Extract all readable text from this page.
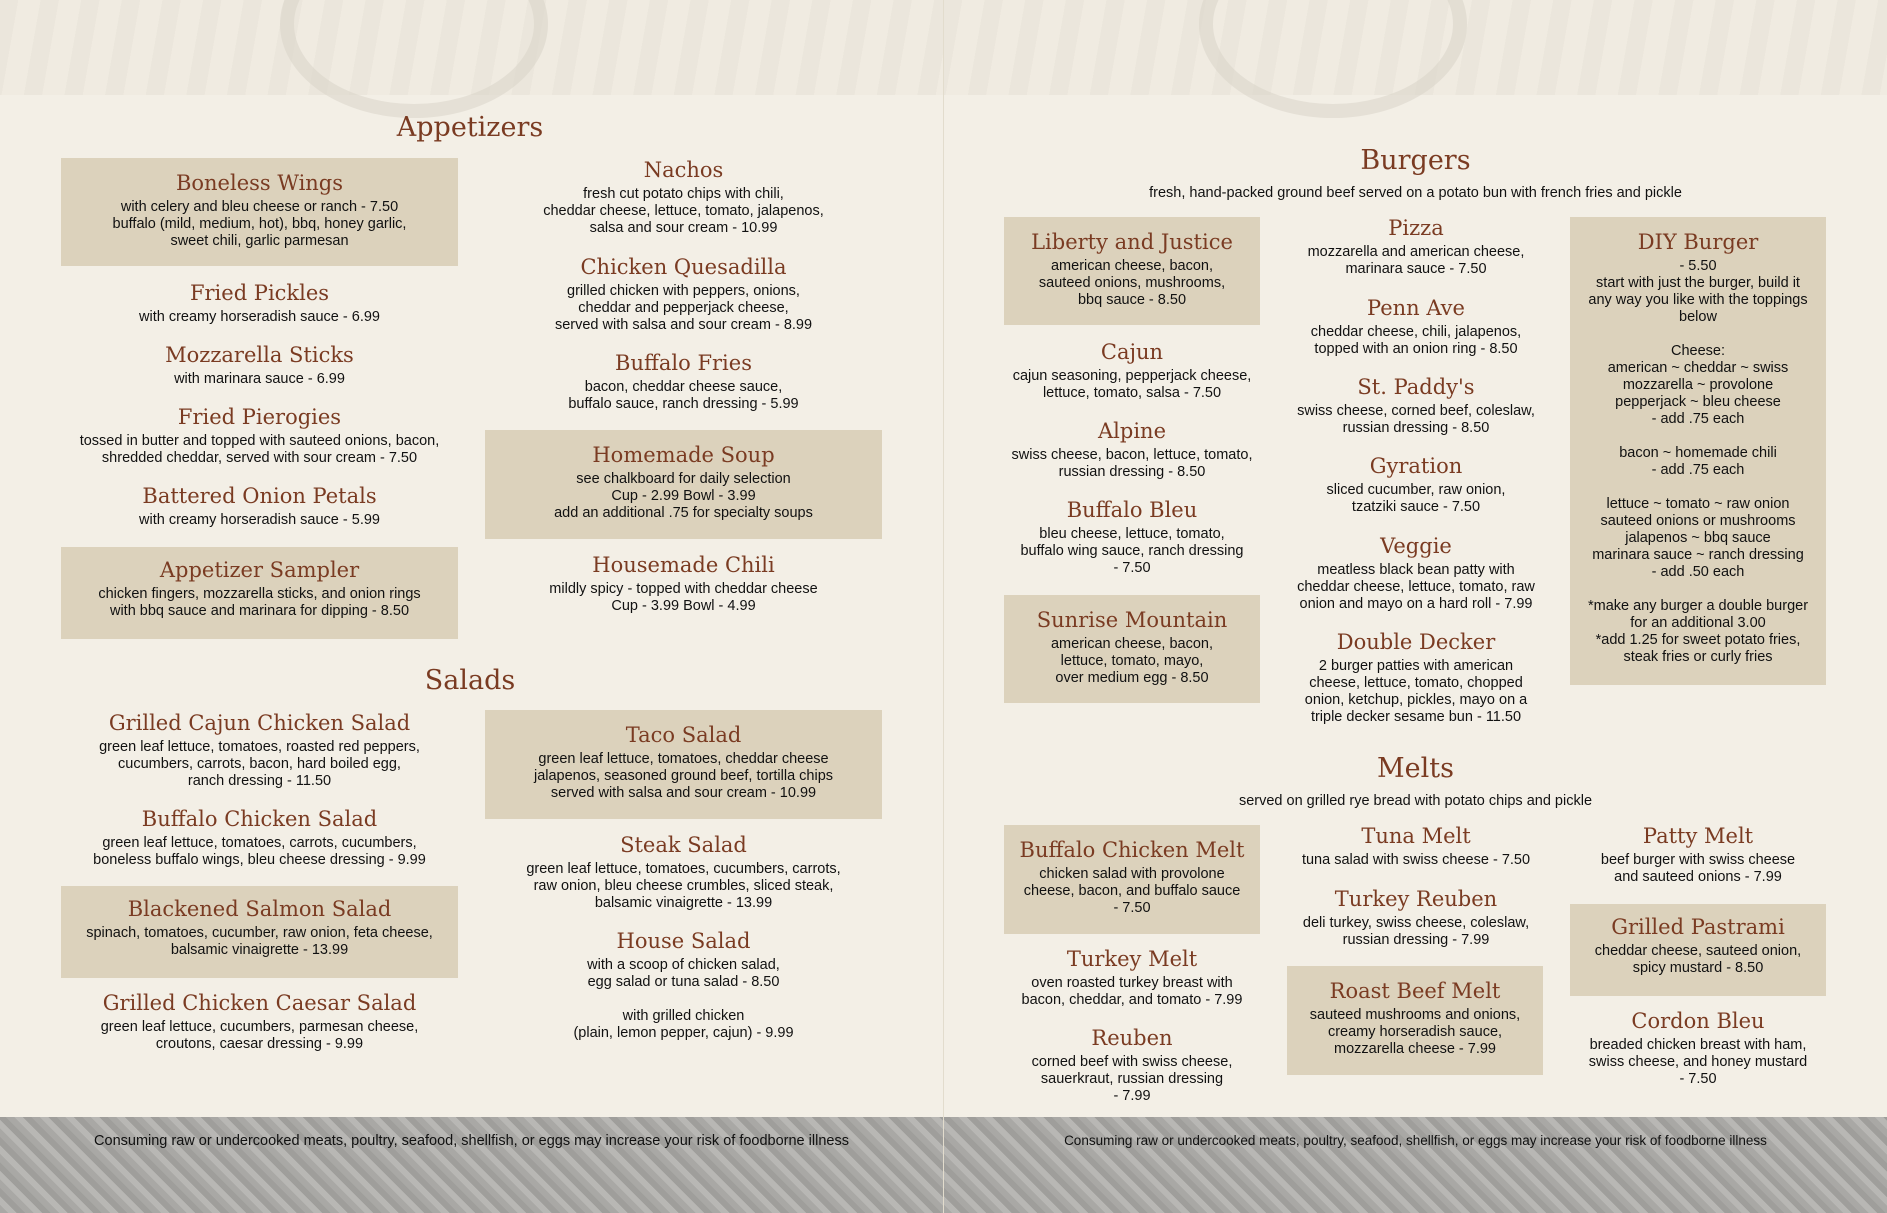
Appetizers
Boneless Wings
with celery and bleu cheese or ranch - 7.50
buffalo (mild, medium, hot), bbq, honey garlic,
sweet chili, garlic parmesan
Fried Pickles
with creamy horseradish sauce - 6.99
Mozzarella Sticks
with marinara sauce - 6.99
Fried Pierogies
tossed in butter and topped with sauteed onions, bacon,
shredded cheddar, served with sour cream - 7.50
Battered Onion Petals
with creamy horseradish sauce - 5.99
Appetizer Sampler
chicken fingers, mozzarella sticks, and onion rings
with bbq sauce and marinara for dipping - 8.50
Nachos
fresh cut potato chips with chili,
cheddar cheese, lettuce, tomato, jalapenos,
salsa and sour cream - 10.99
Chicken Quesadilla
grilled chicken with peppers, onions,
cheddar and pepperjack cheese,
served with salsa and sour cream - 8.99
Buffalo Fries
bacon, cheddar cheese sauce,
buffalo sauce, ranch dressing - 5.99
Homemade Soup
see chalkboard for daily selection
Cup - 2.99 Bowl - 3.99
add an additional .75 for specialty soups
Housemade Chili
mildly spicy - topped with cheddar cheese
Cup - 3.99 Bowl - 4.99
Salads
Grilled Cajun Chicken Salad
green leaf lettuce, tomatoes, roasted red peppers,
cucumbers, carrots, bacon, hard boiled egg,
ranch dressing - 11.50
Buffalo Chicken Salad
green leaf lettuce, tomatoes, carrots, cucumbers,
boneless buffalo wings, bleu cheese dressing - 9.99
Blackened Salmon Salad
spinach, tomatoes, cucumber, raw onion, feta cheese,
balsamic vinaigrette - 13.99
Grilled Chicken Caesar Salad
green leaf lettuce, cucumbers, parmesan cheese,
croutons, caesar dressing - 9.99
Taco Salad
green leaf lettuce, tomatoes, cheddar cheese
jalapenos, seasoned ground beef, tortilla chips
served with salsa and sour cream - 10.99
Steak Salad
green leaf lettuce, tomatoes, cucumbers, carrots,
raw onion, bleu cheese crumbles, sliced steak,
balsamic vinaigrette - 13.99
House Salad
with a scoop of chicken salad,
egg salad or tuna salad - 8.50

with grilled chicken
(plain, lemon pepper, cajun) - 9.99
Consuming raw or undercooked meats, poultry, seafood, shellfish, or eggs may increase your risk of foodborne illness
Burgers
fresh, hand-packed ground beef served on a potato bun with french fries and pickle
Liberty and Justice
american cheese, bacon,
sauteed onions, mushrooms,
bbq sauce - 8.50
Cajun
cajun seasoning, pepperjack cheese,
lettuce, tomato, salsa - 7.50
Alpine
swiss cheese, bacon, lettuce, tomato,
russian dressing - 8.50
Buffalo Bleu
bleu cheese, lettuce, tomato,
buffalo wing sauce, ranch dressing
- 7.50
Sunrise Mountain
american cheese, bacon,
lettuce, tomato, mayo,
over medium egg - 8.50
Pizza
mozzarella and american cheese,
marinara sauce - 7.50
Penn Ave
cheddar cheese, chili, jalapenos,
topped with an onion ring - 8.50
St. Paddy's
swiss cheese, corned beef, coleslaw,
russian dressing - 8.50
Gyration
sliced cucumber, raw onion,
tzatziki sauce - 7.50
Veggie
meatless black bean patty with
cheddar cheese, lettuce, tomato, raw
onion and mayo on a hard roll - 7.99
Double Decker
2 burger patties with american
cheese, lettuce, tomato, chopped
onion, ketchup, pickles, mayo on a
triple decker sesame bun - 11.50
DIY Burger
- 5.50
start with just the burger, build it
any way you like with the toppings
below

Cheese:
american ~ cheddar ~ swiss
mozzarella ~ provolone
pepperjack ~ bleu cheese
- add .75 each

bacon ~ homemade chili
- add .75 each

lettuce ~ tomato ~ raw onion
sauteed onions or mushrooms
jalapenos ~ bbq sauce
marinara sauce ~ ranch dressing
- add .50 each

*make any burger a double burger
for an additional 3.00
*add 1.25 for sweet potato fries,
steak fries or curly fries
Melts
served on grilled rye bread with potato chips and pickle
Buffalo Chicken Melt
chicken salad with provolone
cheese, bacon, and buffalo sauce
- 7.50
Turkey Melt
oven roasted turkey breast with
bacon, cheddar, and tomato - 7.99
Reuben
corned beef with swiss cheese,
sauerkraut, russian dressing
- 7.99
Tuna Melt
tuna salad with swiss cheese - 7.50
Turkey Reuben
deli turkey, swiss cheese, coleslaw,
russian dressing - 7.99
Roast Beef Melt
sauteed mushrooms and onions,
creamy horseradish sauce,
mozzarella cheese - 7.99
Patty Melt
beef burger with swiss cheese
and sauteed onions - 7.99
Grilled Pastrami
cheddar cheese, sauteed onion,
spicy mustard - 8.50
Cordon Bleu
breaded chicken breast with ham,
swiss cheese, and honey mustard
- 7.50
Consuming raw or undercooked meats, poultry, seafood, shellfish, or eggs may increase your risk of foodborne illness
